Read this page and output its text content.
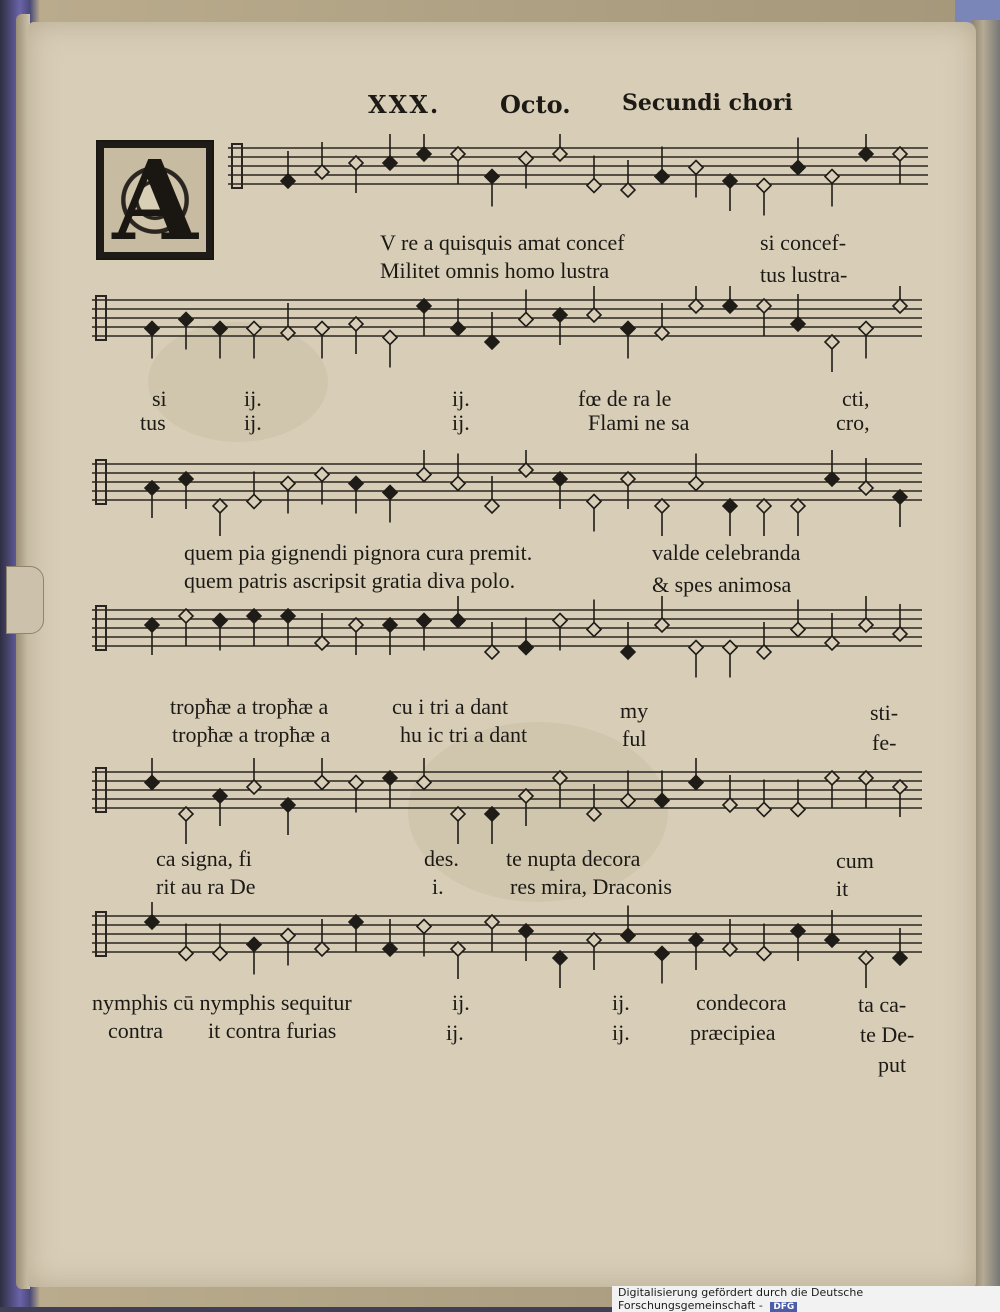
XXX. Octo. Secundi chori
A	V re a quisquis amat concef	si concef-
Militet omnis homo lustra	tus lustra-
si	ij.	ij.	fœ de ra le	cti,
tus	ij.	ij.	Flami ne sa	cro,
quem pia gignendi pignora cura premit.	valde celebranda
quem patris ascripsit gratia diva polo.	& spes animosa
tropħæ a tropħæ a	cu i tri a dant	my	sti-
tropħæ a tropħæ a	hu ic tri a dant	ful	fe-
ca signa, fi	des. te nupta decora	cum
rit au ra De	i.	res mira, Draconis	it
nymphis cū nymphis sequitur	ij.	ij.	condecora	ta ca-
contra it contra furias	ij.	ij.	præcipiea	te De-
put
Digitalisierung gefördert durch die Deutsche Forschungsgemeinschaft - DFG
